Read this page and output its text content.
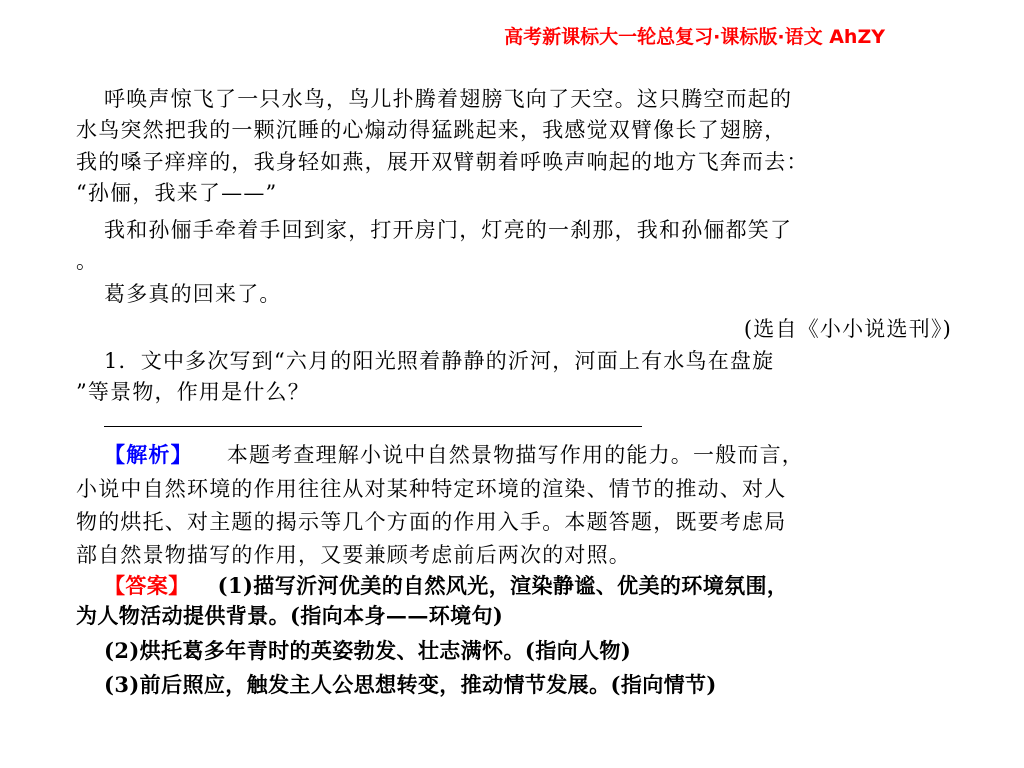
高考新课标大一轮总复习·课标版·语文 AhZY
呼唤声惊飞了一只水鸟，鸟儿扑腾着翅膀飞向了天空。这只腾空而起的
水鸟突然把我的一颗沉睡的心煽动得猛跳起来，我感觉双臂像长了翅膀，
我的嗓子痒痒的，我身轻如燕，展开双臂朝着呼唤声响起的地方飞奔而去：
“孙俪，我来了——”
我和孙俪手牵着手回到家，打开房门，灯亮的一刹那，我和孙俪都笑了
。
葛多真的回来了。
(选自《小小说选刊》)
1．文中多次写到“六月的阳光照着静静的沂河，河面上有水鸟在盘旋
”等景物，作用是什么？
【解析】 本题考查理解小说中自然景物描写作用的能力。一般而言，
小说中自然环境的作用往往从对某种特定环境的渲染、情节的推动、对人
物的烘托、对主题的揭示等几个方面的作用入手。本题答题，既要考虑局
部自然景物描写的作用，又要兼顾考虑前后两次的对照。
【答案】 (1)描写沂河优美的自然风光，渲染静谧、优美的环境氛围，
为人物活动提供背景。(指向本身——环境句)
(2)烘托葛多年青时的英姿勃发、壮志满怀。(指向人物)
(3)前后照应，触发主人公思想转变，推动情节发展。(指向情节)
